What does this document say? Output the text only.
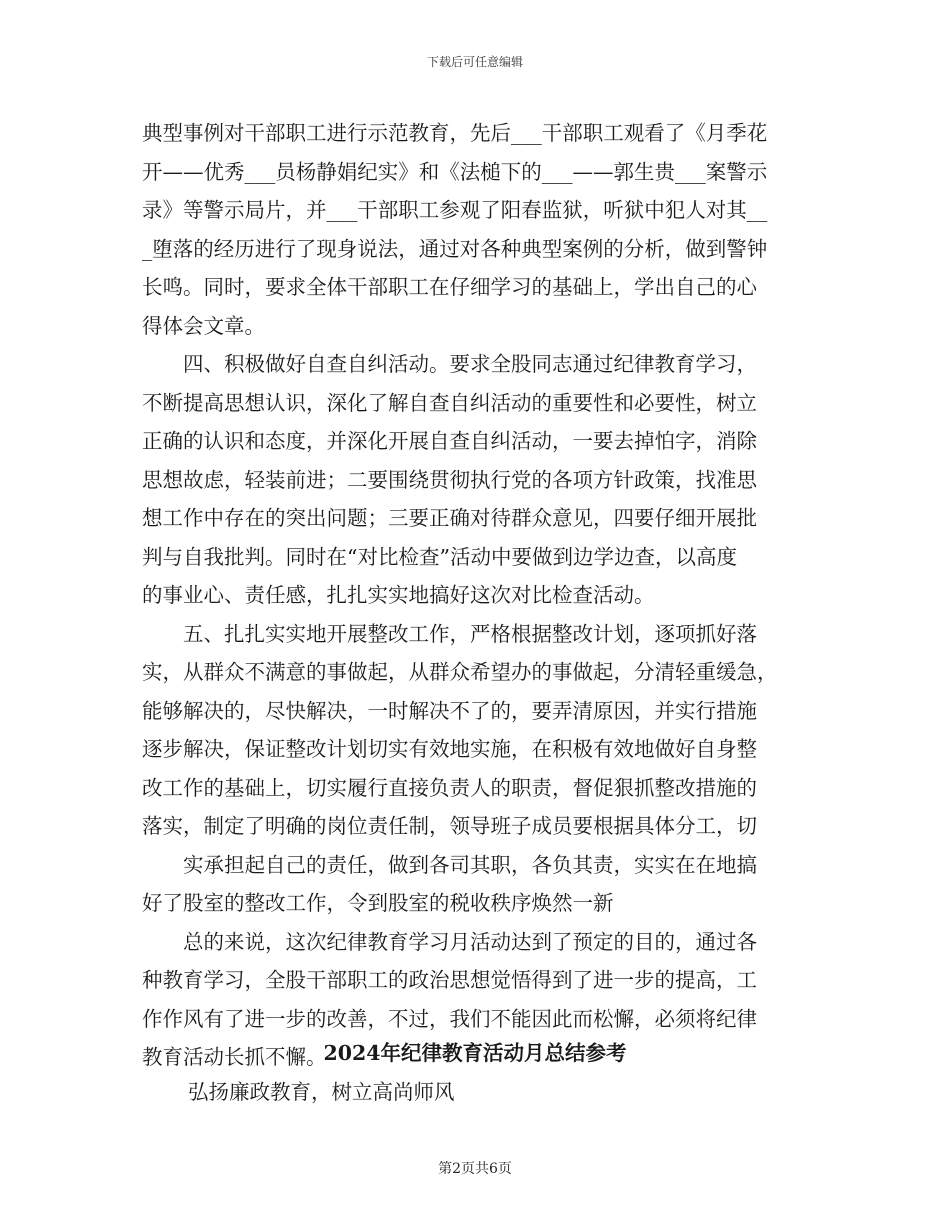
下载后可任意编辑
典型事例对干部职工进行示范教育，先后___干部职工观看了《月季花
开——优秀___员杨静娟纪实》和《法槌下的___——郭生贵___案警示
录》等警示局片，并___干部职工参观了阳春监狱，听狱中犯人对其__
_堕落的经历进行了现身说法，通过对各种典型案例的分析，做到警钟
长鸣。同时，要求全体干部职工在仔细学习的基础上，学出自己的心
得体会文章。
　　四、积极做好自查自纠活动。要求全股同志通过纪律教育学习，
不断提高思想认识，深化了解自查自纠活动的重要性和必要性，树立
正确的认识和态度，并深化开展自查自纠活动，一要去掉怕字，消除
思想故虑，轻装前进；二要围绕贯彻执行党的各项方针政策，找准思
想工作中存在的突出问题；三要正确对待群众意见，四要仔细开展批
判与自我批判。同时在“对比检查”活动中要做到边学边查，以高度
的事业心、责任感，扎扎实实地搞好这次对比检查活动。
　　五、扎扎实实地开展整改工作，严格根据整改计划，逐项抓好落
实，从群众不满意的事做起，从群众希望办的事做起，分清轻重缓急，
能够解决的，尽快解决，一时解决不了的，要弄清原因，并实行措施
逐步解决，保证整改计划切实有效地实施，在积极有效地做好自身整
改工作的基础上，切实履行直接负责人的职责，督促狠抓整改措施的
落实，制定了明确的岗位责任制，领导班子成员要根据具体分工，切
　　实承担起自己的责任，做到各司其职，各负其责，实实在在地搞
好了股室的整改工作，令到股室的税收秩序焕然一新
　　总的来说，这次纪律教育学习月活动达到了预定的目的，通过各
种教育学习，全股干部职工的政治思想觉悟得到了进一步的提高，工
作作风有了进一步的改善，不过，我们不能因此而松懈，必须将纪律
教育活动长抓不懈。
2024年纪律教育活动月总结参考
弘扬廉政教育，树立高尚师风
第2页共6页
